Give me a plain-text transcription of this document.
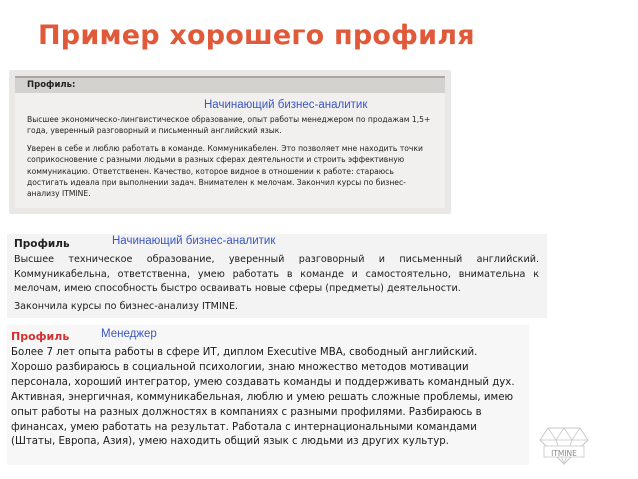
Пример хорошего профиля
Профиль:
Высшее экономическо-лингвистическое образование, опыт работы менеджером по продажам 1,5+ года, уверенный разговорный и письменный английский язык.
Уверен в себе и люблю работать в команде. Коммуникабелен. Это позволяет мне находить точки соприкосновение с разными людьми в разных сферах деятельности и строить эффективную коммуникацию. Ответственен. Качество, которое видное в отношении к работе: стараюсь достигать идеала при выполнении задач. Внимателен к мелочам. Закончил курсы по бизнес-анализу ITMINE.
Начинающий бизнес-аналитик
Профиль	Начинающий бизнес-аналитик
Высшее техническое образование, уверенный разговорный и письменный английский. Коммуникабельна, ответственна, умею работать в команде и самостоятельно, внимательна к мелочам, имею способность быстро осваивать новые сферы (предметы) деятельности.
Закончила курсы по бизнес-анализу ITMINE.
Профиль	Менеджер
Более 7 лет опыта работы в сфере ИТ, диплом Executive MBA, свободный английский. Хорошо разбираюсь в социальной психологии, знаю множество методов мотивации персонала, хороший интегратор, умею создавать команды и поддерживать командный дух. Активная, энергичная, коммуникабельная, люблю и умею решать сложные проблемы, имею опыт работы на разных должностях в компаниях с разными профилями. Разбираюсь в финансах, умею работать на результат. Работала с интернациональными командами (Штаты, Европа, Азия), умею находить общий язык с людьми из других культур.
ITMINE
